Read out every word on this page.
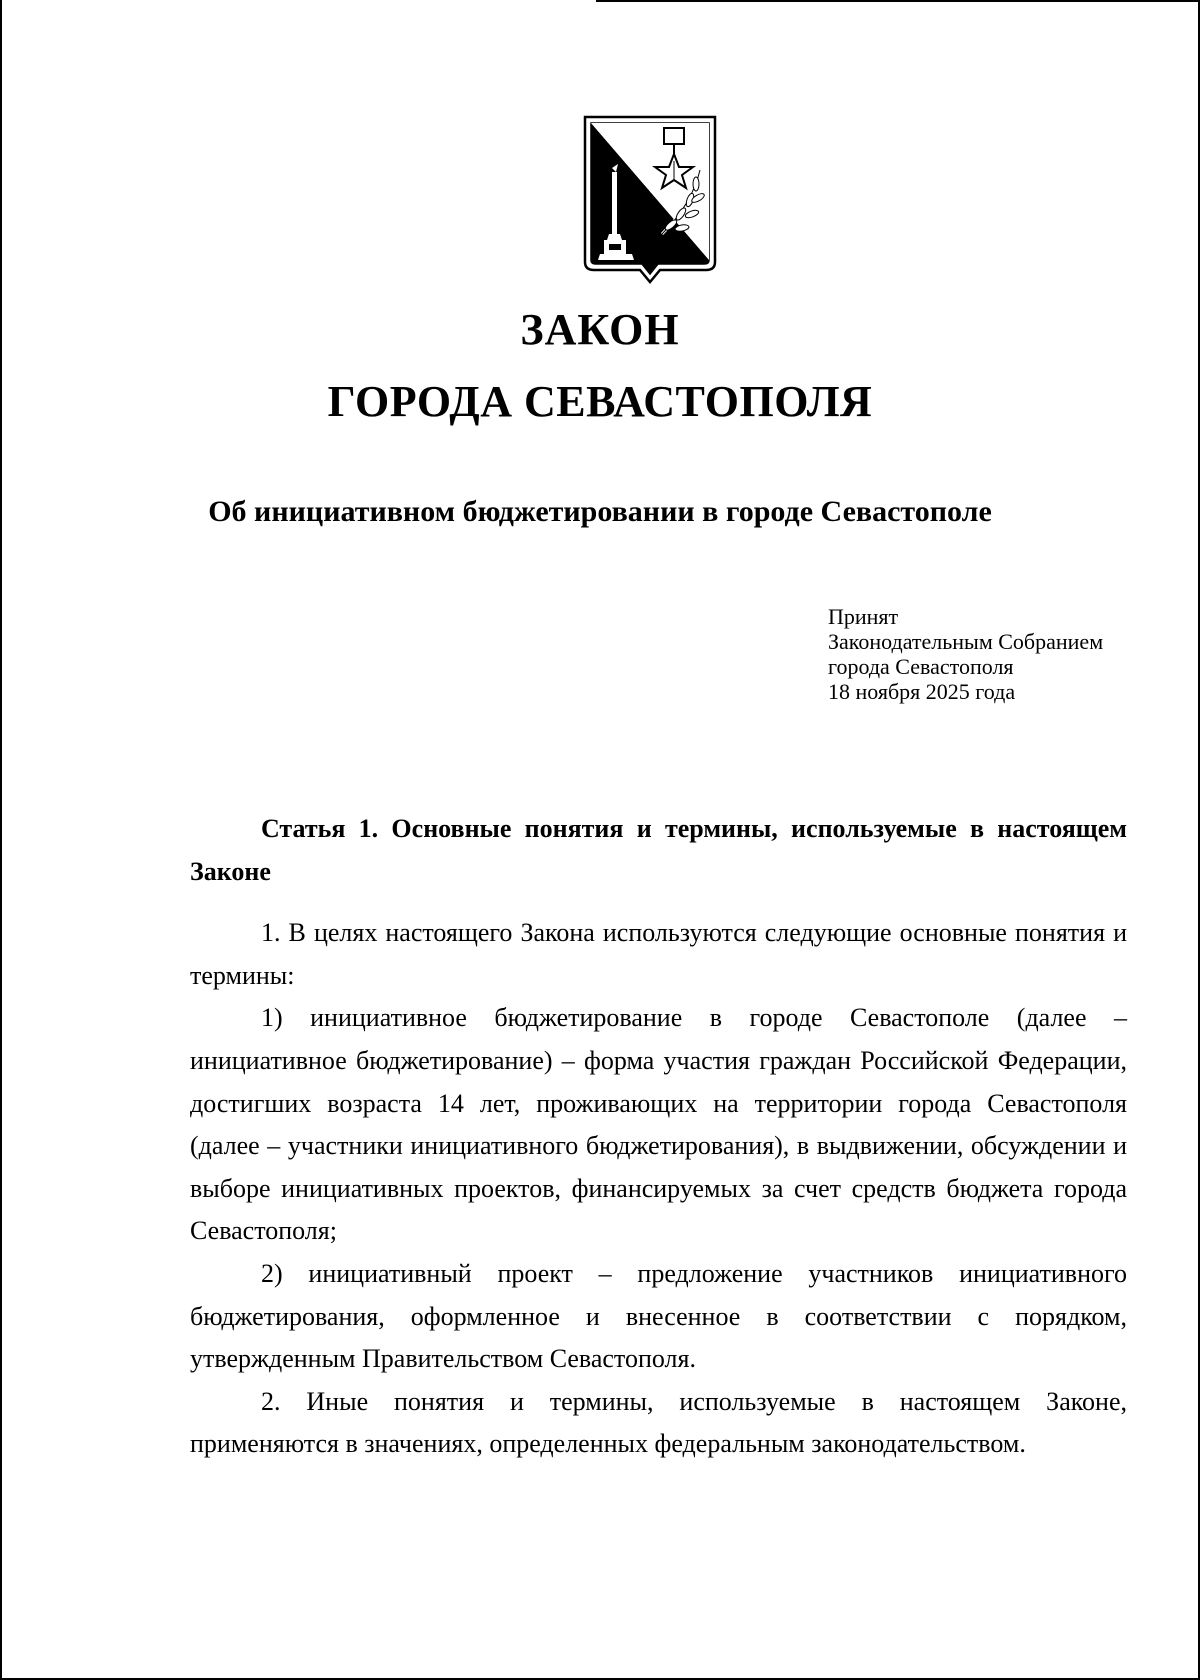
ЗАКОН
ГОРОДА СЕВАСТОПОЛЯ
Об инициативном бюджетировании в городе Севастополе
Принят
Законодательным Собранием
города Севастополя
18 ноября 2025 года

Статья 1. Основные понятия и термины, используемые в настоящем Законе

1. В целях настоящего Закона используются следующие основные понятия и термины:

1) инициативное бюджетирование в городе Севастополе (далее – инициативное бюджетирование) – форма участия граждан Российской Федерации, достигших возраста 14 лет, проживающих на территории города Севастополя (далее – участники инициативного бюджетирования), в выдвижении, обсуждении и выборе инициативных проектов, финансируемых за счет средств бюджета города Севастополя;

2) инициативный проект – предложение участников инициативного бюджетирования, оформленное и внесенное в соответствии с порядком, утвержденным Правительством Севастополя.

2. Иные понятия и термины, используемые в настоящем Законе, применяются в значениях, определенных федеральным законодательством.
